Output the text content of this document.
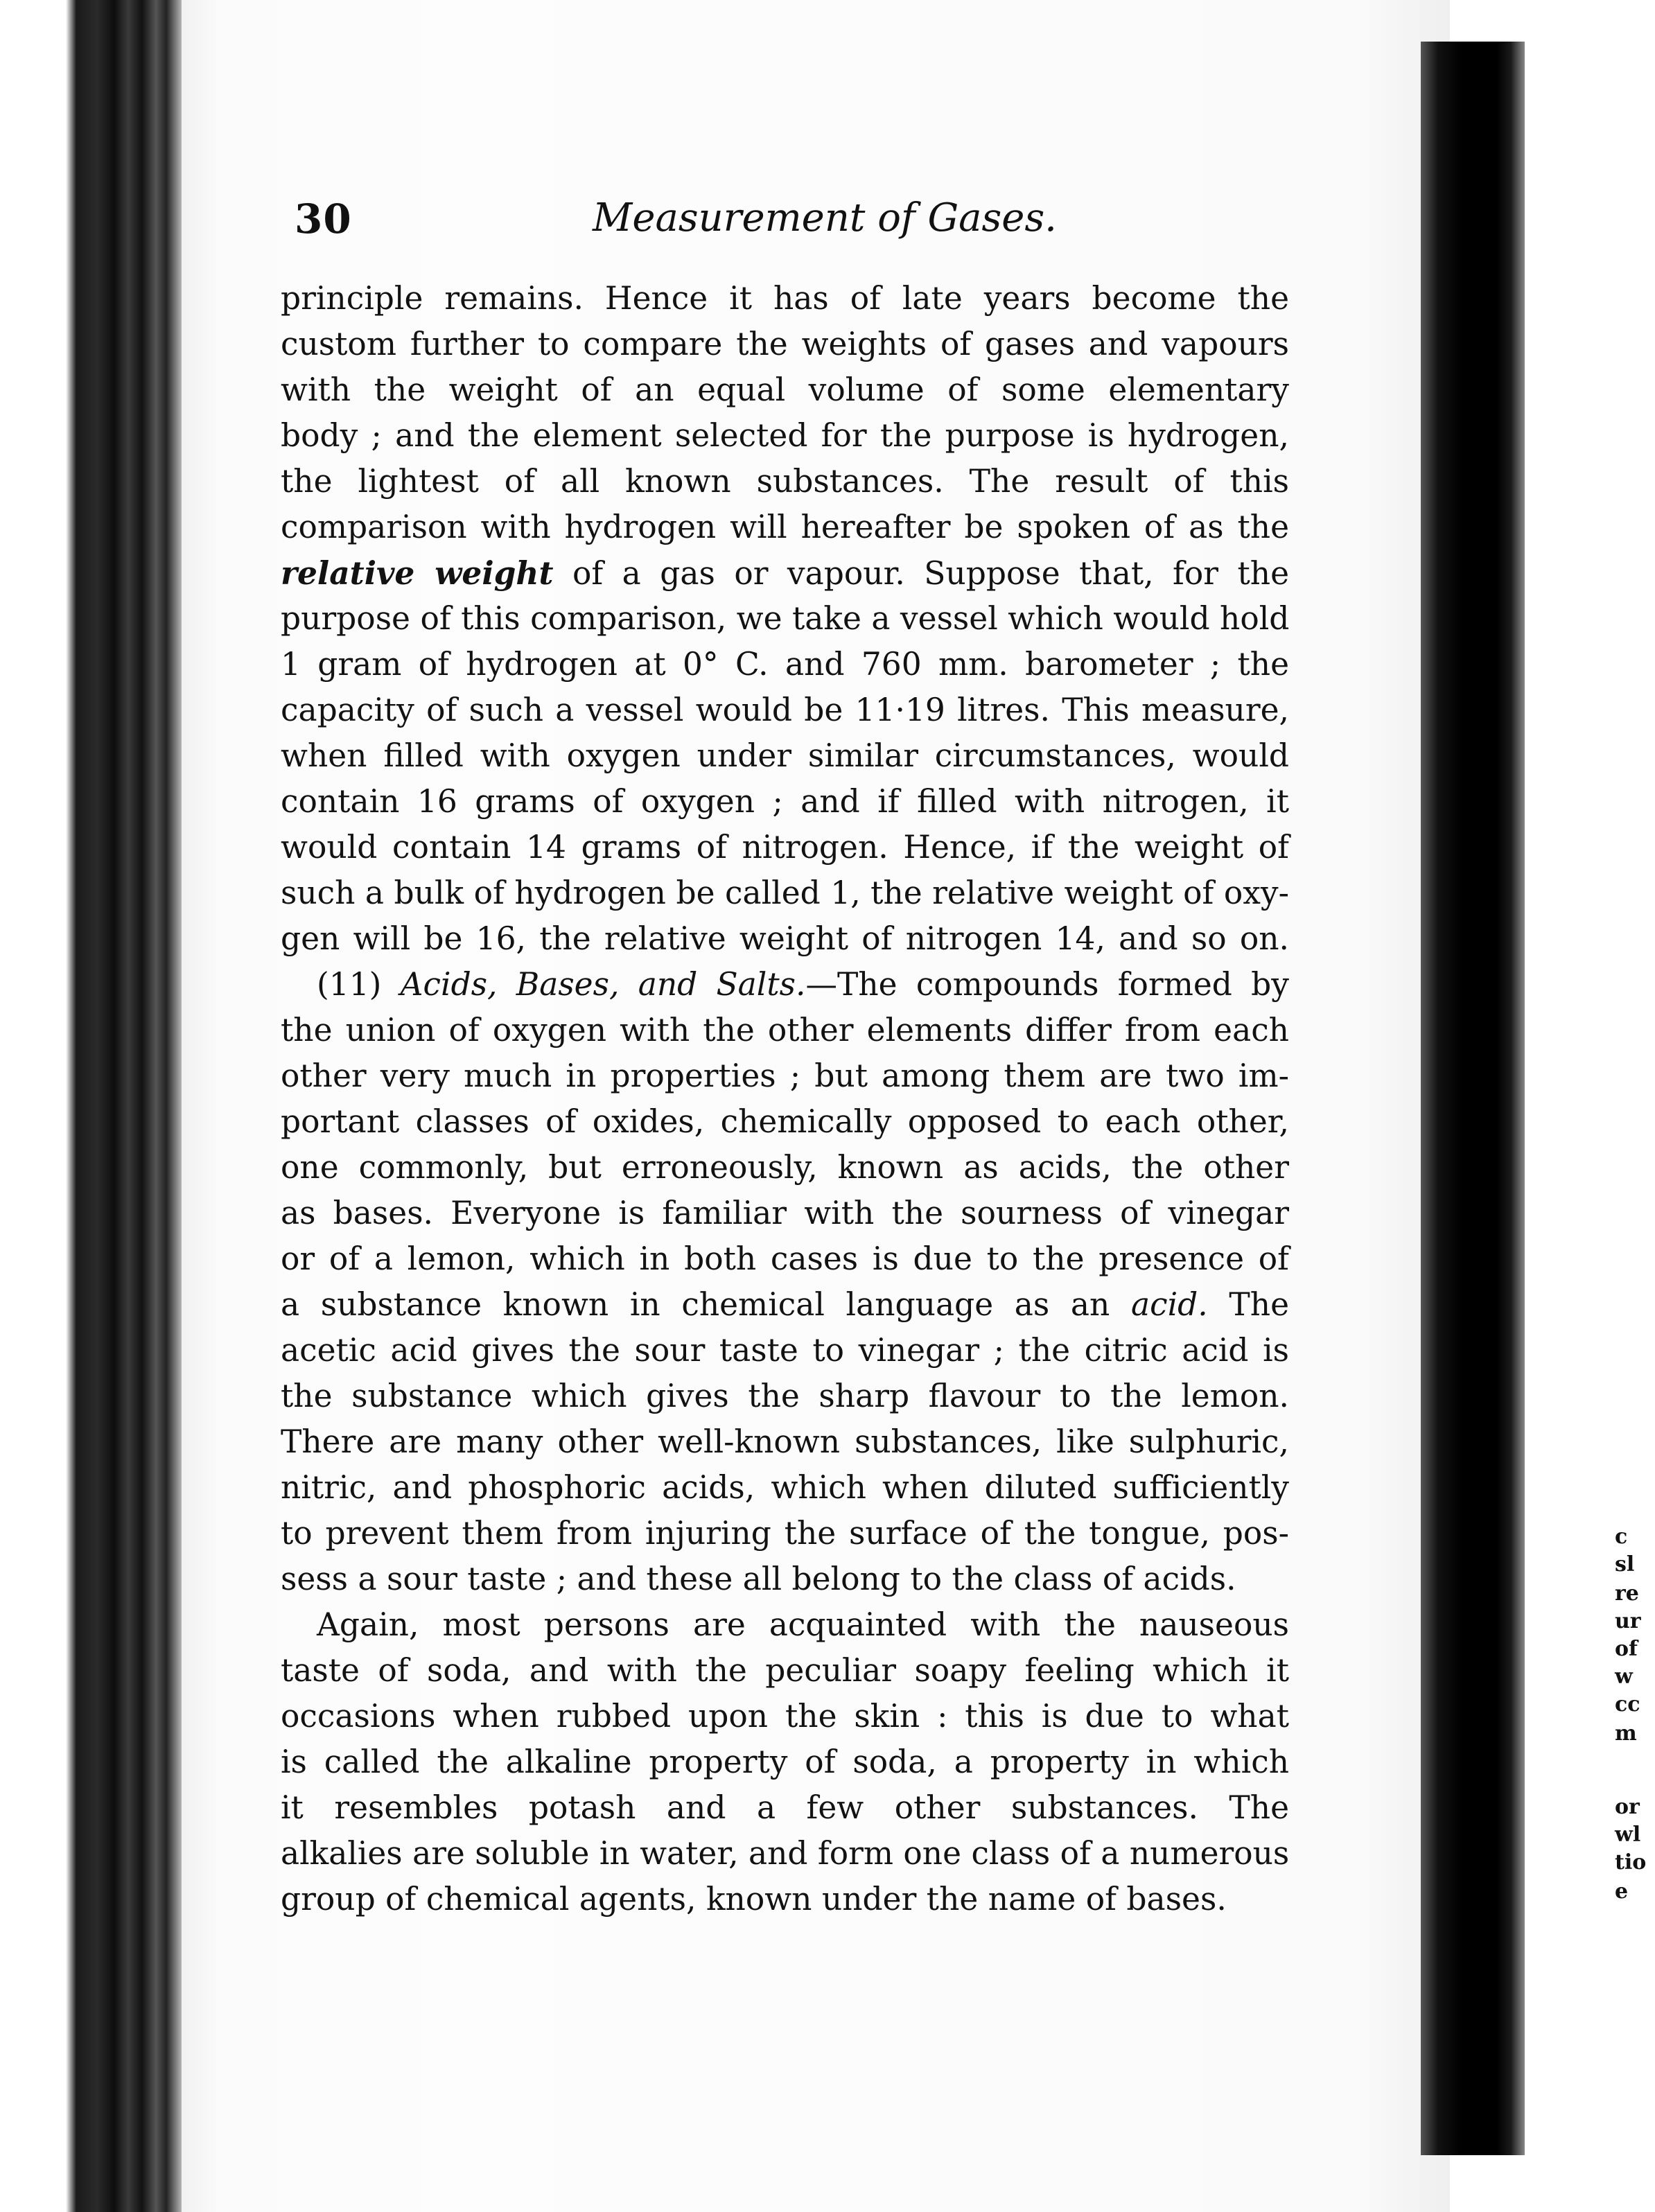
c
sl
re
ur
of
w
cc
m
or
wl
tio
e
30	Measurement of Gases.
principle remains. Hence it has of late years become the
custom further to compare the weights of gases and vapours
with the weight of an equal volume of some elementary
body ; and the element selected for the purpose is hydrogen,
the lightest of all known substances. The result of this
comparison with hydrogen will hereafter be spoken of as the
relative weight of a gas or vapour. Suppose that, for the
purpose of this comparison, we take a vessel which would hold
1 gram of hydrogen at 0° C. and 760 mm. barometer ; the
capacity of such a vessel would be 11·19 litres. This measure,
when filled with oxygen under similar circumstances, would
contain 16 grams of oxygen ; and if filled with nitrogen, it
would contain 14 grams of nitrogen. Hence, if the weight of
such a bulk of hydrogen be called 1, the relative weight of oxy-
gen will be 16, the relative weight of nitrogen 14, and so on.
(11) Acids, Bases, and Salts.—The compounds formed by
the union of oxygen with the other elements differ from each
other very much in properties ; but among them are two im-
portant classes of oxides, chemically opposed to each other,
one commonly, but erroneously, known as acids, the other
as bases. Everyone is familiar with the sourness of vinegar
or of a lemon, which in both cases is due to the presence of
a substance known in chemical language as an acid. The
acetic acid gives the sour taste to vinegar ; the citric acid is
the substance which gives the sharp flavour to the lemon.
There are many other well-known substances, like sulphuric,
nitric, and phosphoric acids, which when diluted sufficiently
to prevent them from injuring the surface of the tongue, pos-
sess a sour taste ; and these all belong to the class of acids.
Again, most persons are acquainted with the nauseous
taste of soda, and with the peculiar soapy feeling which it
occasions when rubbed upon the skin : this is due to what
is called the alkaline property of soda, a property in which
it resembles potash and a few other substances. The
alkalies are soluble in water, and form one class of a numerous
group of chemical agents, known under the name of bases.
